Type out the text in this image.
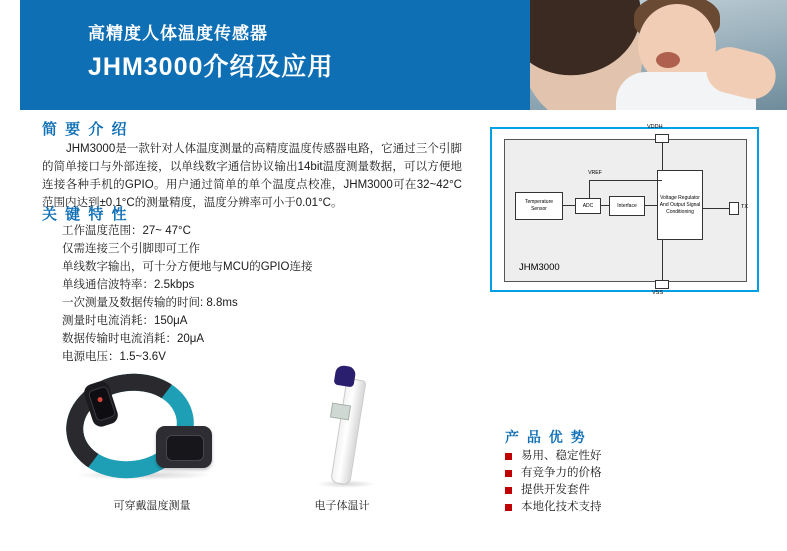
高精度人体温度传感器
JHM3000介绍及应用
简 要 介 绍
JHM3000是一款针对人体温度测量的高精度温度传感器电路，它通过三个引脚的简单接口与外部连接，以单线数字通信协议输出14bit温度测量数据，可以方便地连接各种手机的GPIO。用户通过简单的单个温度点校准，JHM3000可在32~42°C范围内达到±0.1°C的测量精度，温度分辨率可小于0.01°C。
关 键 特 性
工作温度范围：27~ 47°C
仅需连接三个引脚即可工作
单线数字输出，可十分方便地与MCU的GPIO连接
单线通信波特率：2.5kbps
一次测量及数据传输的时间: 8.8ms
测量时电流消耗：150μA
数据传输时电流消耗：20μA
电源电压：1.5~3.6V
VDDH
VSS
TX
Temperature Sensor
ADC	Interface
Voltage Regulator And Output Signal Conditioning
VREF
JHM3000
可穿戴温度测量	电子体温计
产 品 优 势
易用、稳定性好
有竞争力的价格
提供开发套件
本地化技术支持
